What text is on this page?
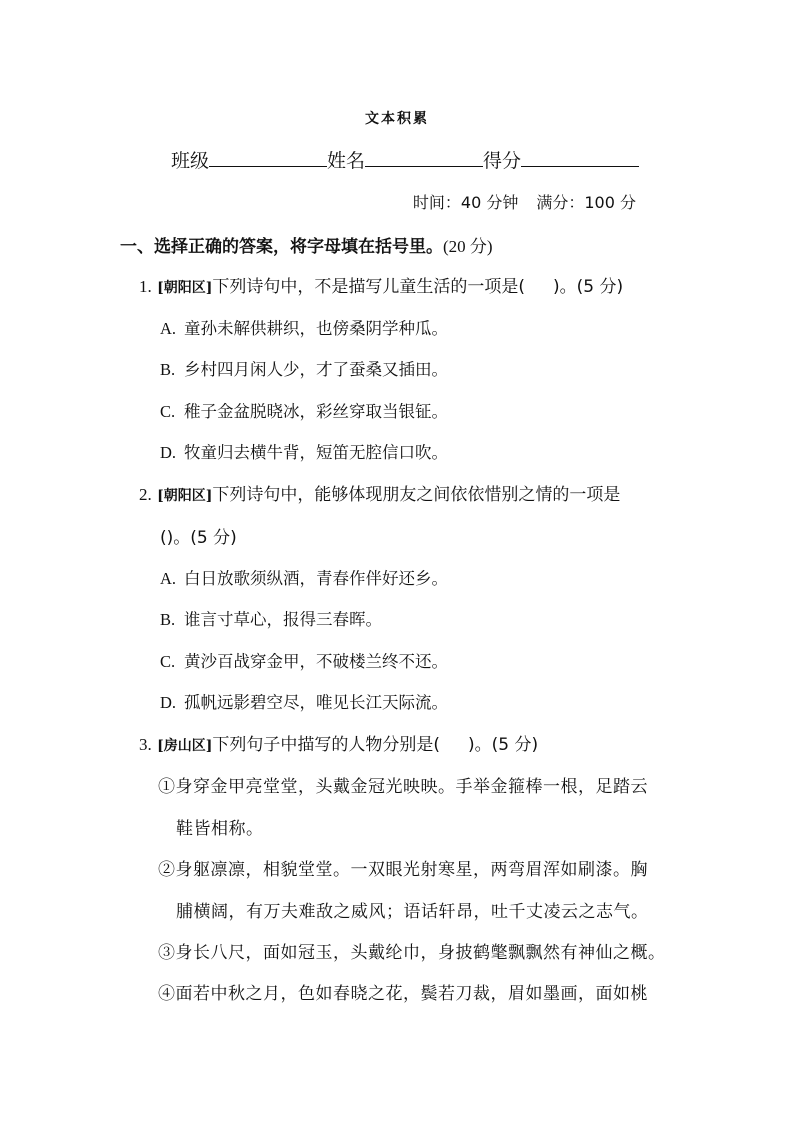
文本积累
班级	姓名	得分
时间：40 分钟 满分：100 分
一、选择正确的答案，将字母填在括号里。(20 分)
1. [朝阳区]下列诗句中，不是描写儿童生活的一项是( )。(5 分)
A. 童孙未解供耕织，也傍桑阴学种瓜。
B. 乡村四月闲人少，才了蚕桑又插田。
C. 稚子金盆脱晓冰，彩丝穿取当银钲。
D. 牧童归去横牛背，短笛无腔信口吹。
2. [朝阳区]下列诗句中，能够体现朋友之间依依惜别之情的一项是
()。(5 分)
A. 白日放歌须纵酒，青春作伴好还乡。
B. 谁言寸草心，报得三春晖。
C. 黄沙百战穿金甲，不破楼兰终不还。
D. 孤帆远影碧空尽，唯见长江天际流。
3. [房山区]下列句子中描写的人物分别是( )。(5 分)
①身穿金甲亮堂堂，头戴金冠光映映。手举金箍棒一根，足踏云
鞋皆相称。
②身躯凛凛，相貌堂堂。一双眼光射寒星，两弯眉浑如刷漆。胸
脯横阔，有万夫难敌之威风；语话轩昂，吐千丈凌云之志气。
③身长八尺，面如冠玉，头戴纶巾，身披鹤氅飘飘然有神仙之概。
④面若中秋之月，色如春晓之花，鬓若刀裁，眉如墨画，面如桃
